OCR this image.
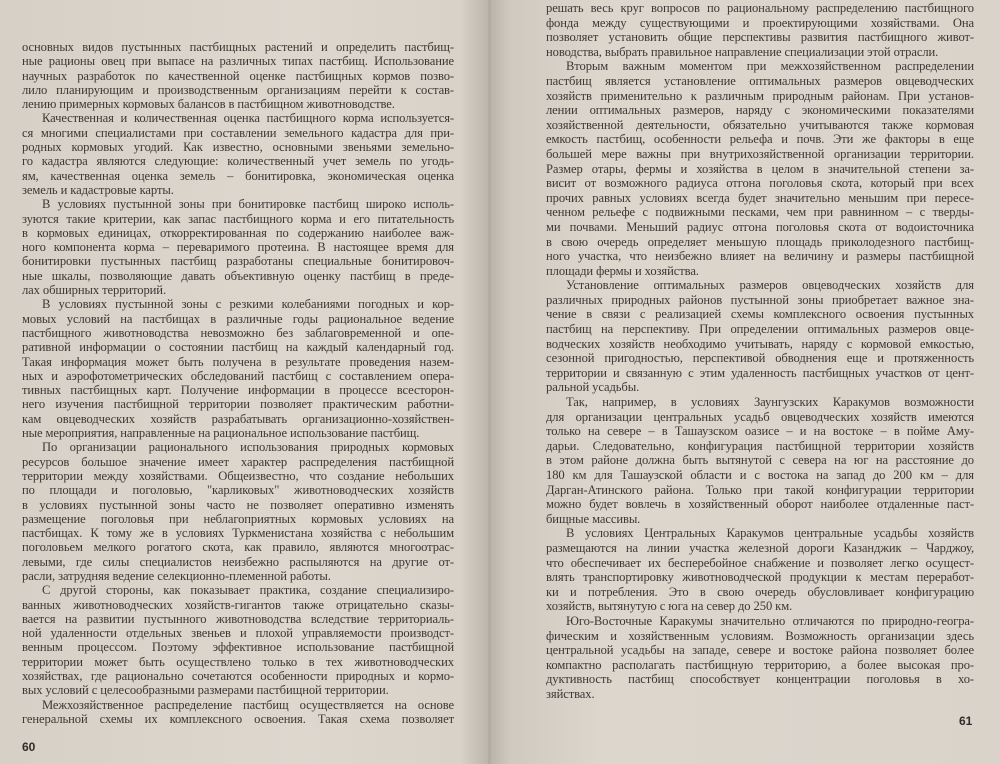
основных видов пустынных пастбищных растений и определить пастбищ-
ные рационы овец при выпасе на различных типах пастбищ. Использование
научных разработок по качественной оценке пастбищных кормов позво-
лило планирующим и производственным организациям перейти к состав-
лению примерных кормовых балансов в пастбищном животноводстве.
Качественная и количественная оценка пастбищного корма используется-
ся многими специалистами при составлении земельного кадастра для при-
родных кормовых угодий. Как известно, основными звеньями земельно-
го кадастра являются следующие: количественный учет земель по угодь-
ям, качественная оценка земель – бонитировка, экономическая оценка
земель и кадастровые карты.
В условиях пустынной зоны при бонитировке пастбищ широко исполь-
зуются такие критерии, как запас пастбищного корма и его питательность
в кормовых единицах, откорректированная по содержанию наиболее важ-
ного компонента корма – переваримого протеина. В настоящее время для
бонитировки пустынных пастбищ разработаны специальные бонитировоч-
ные шкалы, позволяющие давать объективную оценку пастбищ в преде-
лах обширных территорий.
В условиях пустынной зоны с резкими колебаниями погодных и кор-
мовых условий на пастбищах в различные годы рациональное ведение
пастбищного животноводства невозможно без заблаговременной и опе-
ративной информации о состоянии пастбищ на каждый календарный год.
Такая информация может быть получена в результате проведения назем-
ных и аэрофотометрических обследований пастбищ с составлением опера-
тивных пастбищных карт. Получение информации в процессе всесторон-
него изучения пастбищной территории позволяет практическим работни-
кам овцеводческих хозяйств разрабатывать организационно-хозяйствен-
ные мероприятия, направленные на рациональное использование пастбищ.
По организации рационального использования природных кормовых
ресурсов большое значение имеет характер распределения пастбищной
территории между хозяйствами. Общеизвестно, что создание небольших
по площади и поголовью, "карликовых" животноводческих хозяйств
в условиях пустынной зоны часто не позволяет оперативно изменять
размещение поголовья при неблагоприятных кормовых условиях на
пастбищах. К тому же в условиях Туркменистана хозяйства с небольшим
поголовьем мелкого рогатого скота, как правило, являются многоотрас-
левыми, где силы специалистов неизбежно распыляются на другие от-
расли, затрудняя ведение селекционно-племенной работы.
С другой стороны, как показывает практика, создание специализиро-
ванных животноводческих хозяйств-гигантов также отрицательно сказы-
вается на развитии пустынного животноводства вследствие территориаль-
ной удаленности отдельных звеньев и плохой управляемости производст-
венным процессом. Поэтому эффективное использование пастбищной
территории может быть осуществлено только в тех животноводческих
хозяйствах, где рационально сочетаются особенности природных и кормо-
вых условий с целесообразными размерами пастбищной территории.
Межхозяйственное распределение пастбищ осуществляется на основе
генеральной схемы их комплексного освоения. Такая схема позволяет
решать весь круг вопросов по рациональному распределению пастбищного
фонда между существующими и проектирующими хозяйствами. Она
позволяет установить общие перспективы развития пастбищного живот-
новодства, выбрать правильное направление специализации этой отрасли.
Вторым важным моментом при межхозяйственном распределении
пастбищ является установление оптимальных размеров овцеводческих
хозяйств применительно к различным природным районам. При установ-
лении оптимальных размеров, наряду с экономическими показателями
хозяйственной деятельности, обязательно учитываются также кормовая
емкость пастбищ, особенности рельефа и почв. Эти же факторы в еще
большей мере важны при внутрихозяйственной организации территории.
Размер отары, фермы и хозяйства в целом в значительной степени за-
висит от возможного радиуса отгона поголовья скота, который при всех
прочих равных условиях всегда будет значительно меньшим при пересе-
ченном рельефе с подвижными песками, чем при равнинном – с тверды-
ми почвами. Меньший радиус отгона поголовья скота от водоисточника
в свою очередь определяет меньшую площадь приколодезного пастбищ-
ного участка, что неизбежно влияет на величину и размеры пастбищной
площади фермы и хозяйства.
Установление оптимальных размеров овцеводческих хозяйств для
различных природных районов пустынной зоны приобретает важное зна-
чение в связи с реализацией схемы комплексного освоения пустынных
пастбищ на перспективу. При определении оптимальных размеров овце-
водческих хозяйств необходимо учитывать, наряду с кормовой емкостью,
сезонной пригодностью, перспективой обводнения еще и протяженность
территории и связанную с этим удаленность пастбищных участков от цент-
ральной усадьбы.
Так, например, в условиях Заунгузских Каракумов возможности
для организации центральных усадьб овцеводческих хозяйств имеются
только на севере – в Ташаузском оазисе – и на востоке – в пойме Аму-
дарьи. Следовательно, конфигурация пастбищной территории хозяйств
в этом районе должна быть вытянутой с севера на юг на расстояние до
180 км для Ташаузской области и с востока на запад до 200 км – для
Дарган-Атинского района. Только при такой конфигурации территории
можно будет вовлечь в хозяйственный оборот наиболее отдаленные паст-
бищные массивы.
В условиях Центральных Каракумов центральные усадьбы хозяйств
размещаются на линии участка железной дороги Казанджик – Чарджоу,
что обеспечивает их бесперебойное снабжение и позволяет легко осущест-
влять транспортировку животноводческой продукции к местам переработ-
ки и потребления. Это в свою очередь обусловливает конфигурацию
хозяйств, вытянутую с юга на север до 250 км.
Юго-Восточные Каракумы значительно отличаются по природно-геогра-
фическим и хозяйственным условиям. Возможность организации здесь
центральной усадьбы на западе, севере и востоке района позволяет более
компактно располагать пастбищную территорию, а более высокая про-
дуктивность пастбищ способствует концентрации поголовья в хо-
зяйствах.
60
61
